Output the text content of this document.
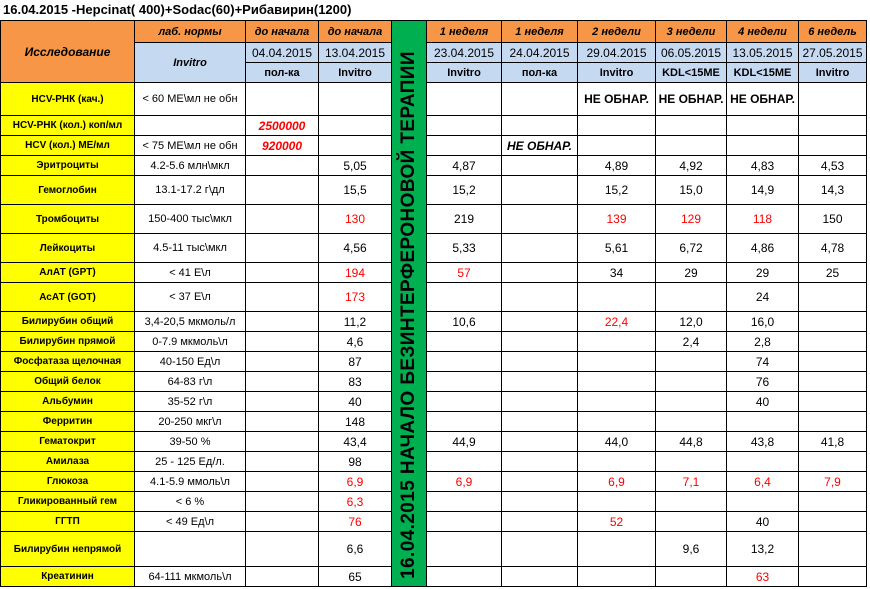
16.04.2015 -Hepcinat( 400)+Sodac(60)+Рибавирин(1200)
Исследование	лаб. нормы	до начала	до начала	16.04.2015 НАЧАЛО БЕЗИНТЕРФЕРОНОВОЙ ТЕРАПИИ	1 неделя	1 неделя	2 недели	3 недели	4 недели	6 недель
	Invitro	04.04.2015	13.04.2015		23.04.2015	24.04.2015	29.04.2015	06.05.2015	13.05.2015	27.05.2015
		пол-ка	Invitro		Invitro	пол-ка	Invitro	KDL<15ME	KDL<15ME	Invitro
HCV-РНК (кач.)	< 60 МЕ\мл не обн						НЕ ОБНАР.	НЕ ОБНАР.	НЕ ОБНАР.	
HCV-РНК (кол.) коп/мл		2500000								
HCV (кол.) МЕ/мл	< 75 МЕ\мл не обн	920000				НЕ ОБНАР.				
Эритроциты	4.2-5.6 млн\мкл		5,05		4,87		4,89	4,92	4,83	4,53
Гемоглобин	13.1-17.2 г\дл		15,5		15,2		15,2	15,0	14,9	14,3
Тромбоциты	150-400 тыс\мкл		130		219		139	129	118	150
Лейкоциты	4.5-11 тыс\мкл		4,56		5,33		5,61	6,72	4,86	4,78
АлАТ (GPT)	< 41 Е\л		194		57		34	29	29	25
АсАТ (GOT)	< 37 Е\л		173						24	
Билирубин общий	3,4-20,5 мкмоль/л		11,2		10,6		22,4	12,0	16,0	
Билирубин прямой	0-7.9 мкмоль\л		4,6					2,4	2,8	
Фосфатаза щелочная	40-150 Ед\л		87						74	
Общий белок	64-83 г\л		83						76	
Альбумин	35-52 г\л		40						40	
Ферритин	20-250 мкг\л		148							
Гематокрит	39-50 %		43,4		44,9		44,0	44,8	43,8	41,8
Амилаза	25 - 125 Ед/л.		98							
Глюкоза	4.1-5.9 ммоль\л		6,9		6,9		6,9	7,1	6,4	7,9
Гликированный гем	< 6 %		6,3							
ГГТП	< 49 Ед\л		76				52		40	
Билирубин непрямой			6,6					9,6	13,2	
Креатинин	64-111 мкмоль\л		65						63	
